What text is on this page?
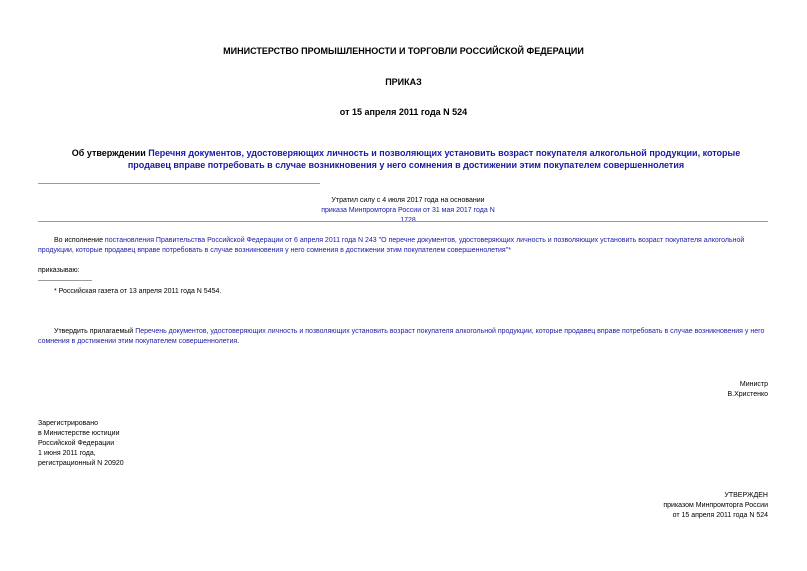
МИНИСТЕРСТВО ПРОМЫШЛЕННОСТИ И ТОРГОВЛИ РОССИЙСКОЙ ФЕДЕРАЦИИ
ПРИКАЗ
от 15 апреля 2011 года N 524
Об утверждении Перечня документов, удостоверяющих личность и позволяющих установить возраст покупателя алкогольной продукции, которые продавец вправе потребовать в случае возникновения у него сомнения в достижении этим покупателем совершеннолетия
Утратил силу с 4 июля 2017 года на основании
приказа Минпромторга России от 31 мая 2017 года N 1728
Во исполнение постановления Правительства Российской Федерации от 6 апреля 2011 года N 243 "О перечне документов, удостоверяющих личность и позволяющих установить возраст покупателя алкогольной продукции, которые продавец вправе потребовать в случае возникновения у него сомнения в достижении этим покупателем совершеннолетия"*
приказываю:
* Российская газета от 13 апреля 2011 года N 5454.
Утвердить прилагаемый Перечень документов, удостоверяющих личность и позволяющих установить возраст покупателя алкогольной продукции, которые продавец вправе потребовать в случае возникновения у него сомнения в достижении этим покупателем совершеннолетия.
Министр
В.Христенко
Зарегистрировано
в Министерстве юстиции
Российской Федерации
1 июня 2011 года,
регистрационный N 20920
УТВЕРЖДЕН
приказом Минпромторга России
от 15 апреля 2011 года N 524
